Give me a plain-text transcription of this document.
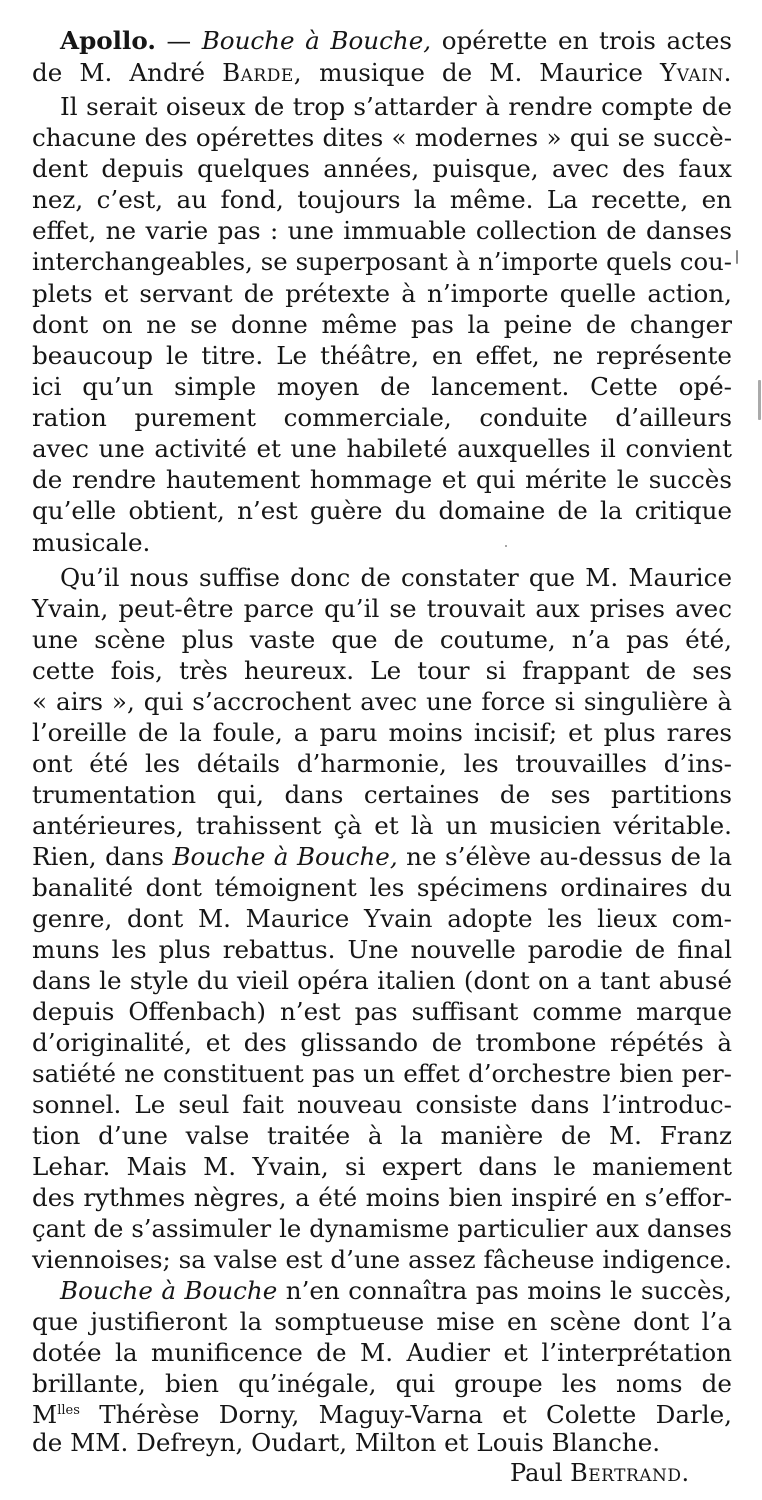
Apollo. — Bouche à Bouche, opérette en trois actes
de M. André Barde, musique de M. Maurice Yvain.
Il serait oiseux de trop s’attarder à rendre compte de
chacune des opérettes dites « modernes » qui se succè-
dent depuis quelques années, puisque, avec des faux
nez, c’est, au fond, toujours la même. La recette, en
effet, ne varie pas : une immuable collection de danses
interchangeables, se superposant à n’importe quels cou-
plets et servant de prétexte à n’importe quelle action,
dont on ne se donne même pas la peine de changer
beaucoup le titre. Le théâtre, en effet, ne représente
ici qu’un simple moyen de lancement. Cette opé-
ration purement commerciale, conduite d’ailleurs
avec une activité et une habileté auxquelles il convient
de rendre hautement hommage et qui mérite le succès
qu’elle obtient, n’est guère du domaine de la critique
musicale.
Qu’il nous suffise donc de constater que M. Maurice
Yvain, peut-être parce qu’il se trouvait aux prises avec
une scène plus vaste que de coutume, n’a pas été,
cette fois, très heureux. Le tour si frappant de ses
« airs », qui s’accrochent avec une force si singulière à
l’oreille de la foule, a paru moins incisif; et plus rares
ont été les détails d’harmonie, les trouvailles d’ins-
trumentation qui, dans certaines de ses partitions
antérieures, trahissent çà et là un musicien véritable.
Rien, dans Bouche à Bouche, ne s’élève au-dessus de la
banalité dont témoignent les spécimens ordinaires du
genre, dont M. Maurice Yvain adopte les lieux com-
muns les plus rebattus. Une nouvelle parodie de final
dans le style du vieil opéra italien (dont on a tant abusé
depuis Offenbach) n’est pas suffisant comme marque
d’originalité, et des glissando de trombone répétés à
satiété ne constituent pas un effet d’orchestre bien per-
sonnel. Le seul fait nouveau consiste dans l’introduc-
tion d’une valse traitée à la manière de M. Franz
Lehar. Mais M. Yvain, si expert dans le maniement
des rythmes nègres, a été moins bien inspiré en s’effor-
çant de s’assimuler le dynamisme particulier aux danses
viennoises; sa valse est d’une assez fâcheuse indigence.
Bouche à Bouche n’en connaîtra pas moins le succès,
que justifieront la somptueuse mise en scène dont l’a
dotée la munificence de M. Audier et l’interprétation
brillante, bien qu’inégale, qui groupe les noms de
$M^{lles}$ Thérèse Dorny, Maguy-Varna et Colette Darle,
de MM. Defreyn, Oudart, Milton et Louis Blanche.
Paul Bertrand.
